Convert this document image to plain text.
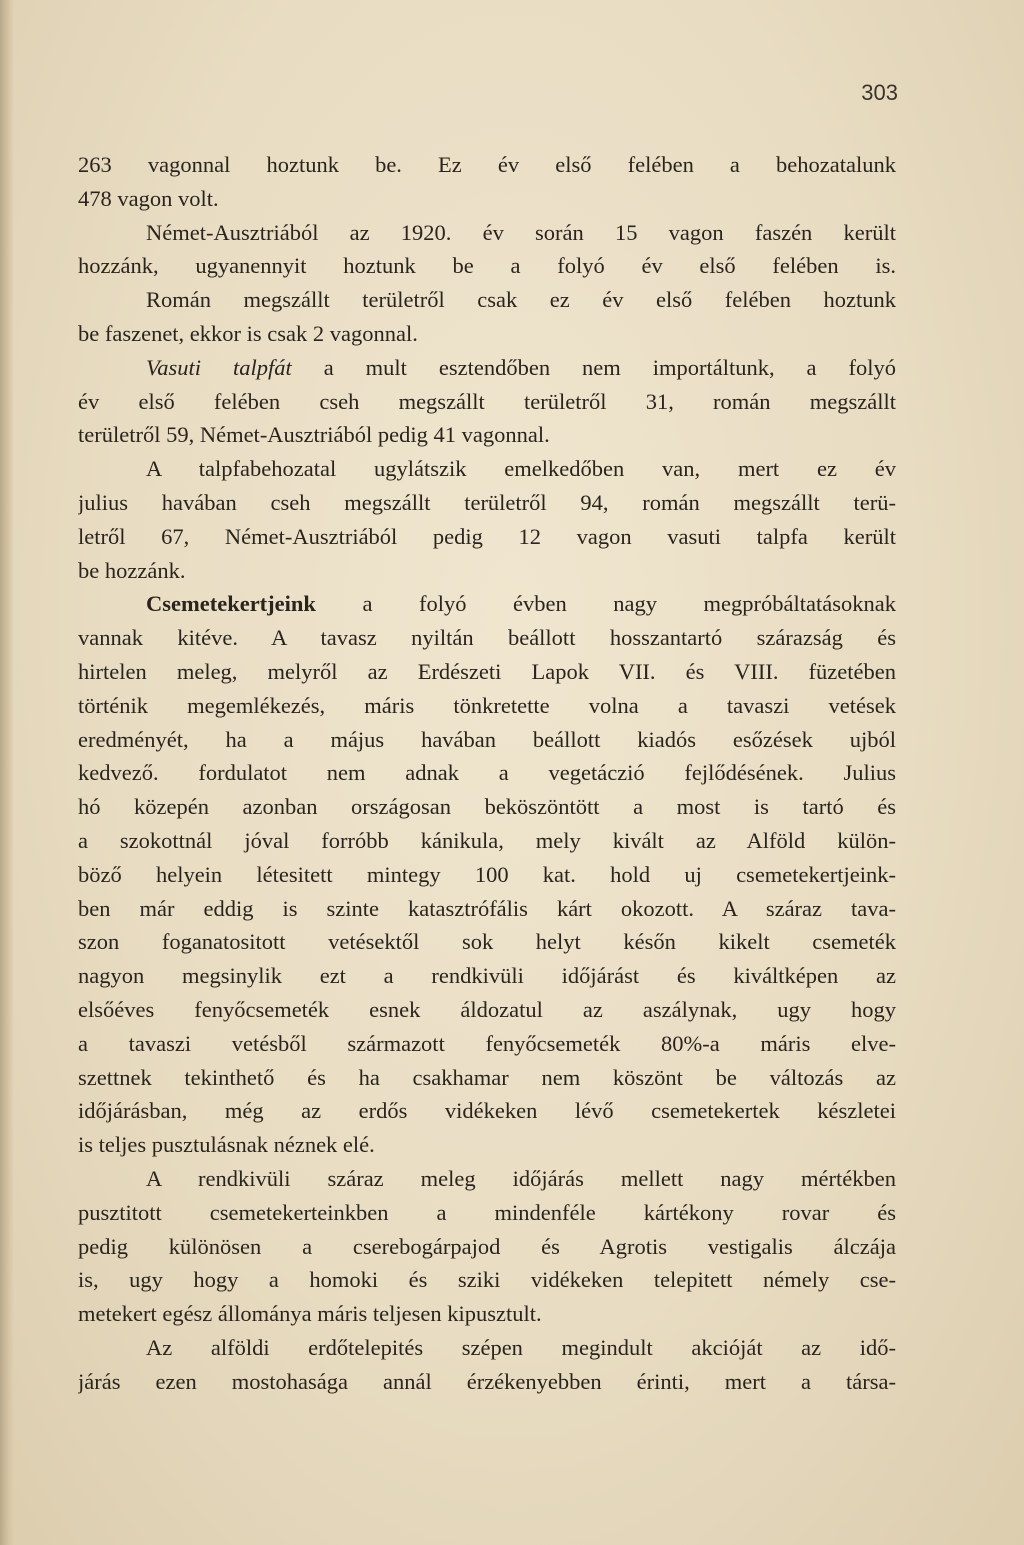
303
263 vagonnal hoztunk be. Ez év első felében a behozatalunk
478 vagon volt.
Német-Ausztriából az 1920. év során 15 vagon faszén került
hozzánk, ugyanennyit hoztunk be a folyó év első felében is.
Román megszállt területről csak ez év első felében hoztunk
be faszenet, ekkor is csak 2 vagonnal.
Vasuti talpfát a mult esztendőben nem importáltunk, a folyó
év első felében cseh megszállt területről 31, román megszállt
területről 59, Német-Ausztriából pedig 41 vagonnal.
A talpfabehozatal ugylátszik emelkedőben van, mert ez év
julius havában cseh megszállt területről 94, román megszállt terü-
letről 67, Német-Ausztriából pedig 12 vagon vasuti talpfa került
be hozzánk.
Csemetekertjeink a folyó évben nagy megpróbáltatásoknak
vannak kitéve. A tavasz nyiltán beállott hosszantartó szárazság és
hirtelen meleg, melyről az Erdészeti Lapok VII. és VIII. füzetében
történik megemlékezés, máris tönkretette volna a tavaszi vetések
eredményét, ha a május havában beállott kiadós esőzések ujból
kedvező. fordulatot nem adnak a vegetáczió fejlődésének. Julius
hó közepén azonban országosan beköszöntött a most is tartó és
a szokottnál jóval forróbb kánikula, mely kivált az Alföld külön-
böző helyein létesitett mintegy 100 kat. hold uj csemetekertjeink-
ben már eddig is szinte katasztrófális kárt okozott. A száraz tava-
szon foganatositott vetésektől sok helyt későn kikelt csemeték
nagyon megsinylik ezt a rendkivüli időjárást és kiváltképen az
elsőéves fenyőcsemeték esnek áldozatul az aszálynak, ugy hogy
a tavaszi vetésből származott fenyőcsemeték 80%-a máris elve-
szettnek tekinthető és ha csakhamar nem köszönt be változás az
időjárásban, még az erdős vidékeken lévő csemetekertek készletei
is teljes pusztulásnak néznek elé.
A rendkivüli száraz meleg időjárás mellett nagy mértékben
pusztitott csemetekerteinkben a mindenféle kártékony rovar és
pedig különösen a cserebogárpajod és Agrotis vestigalis álczája
is, ugy hogy a homoki és sziki vidékeken telepitett némely cse-
metekert egész állománya máris teljesen kipusztult.
Az alföldi erdőtelepités szépen megindult akcióját az idő-
járás ezen mostohasága annál érzékenyebben érinti, mert a társa-
